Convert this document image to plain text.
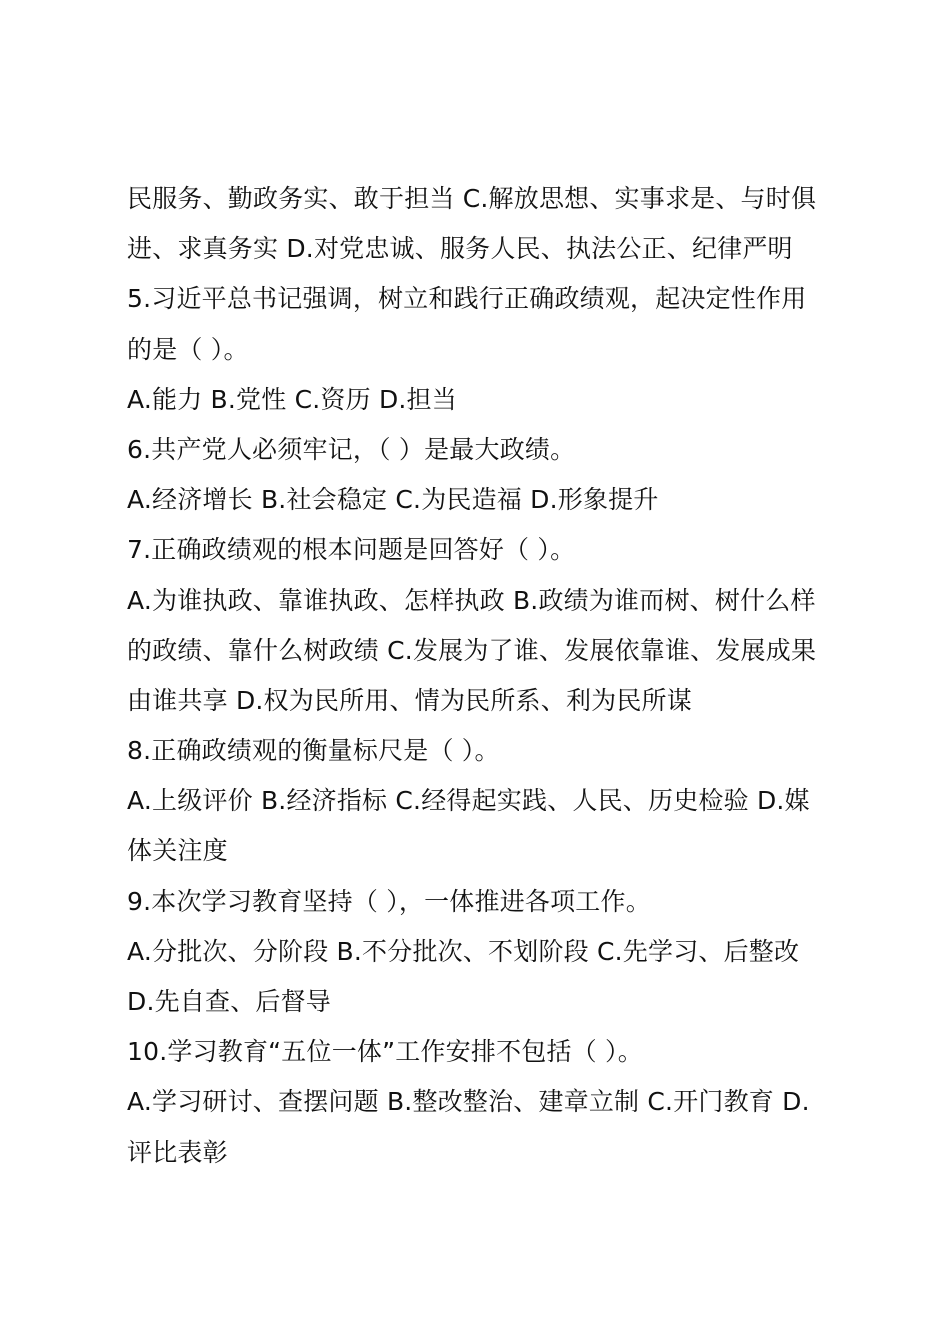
民服务、勤政务实、敢于担当 C.解放思想、实事求是、与时俱
进、求真务实 D.对党忠诚、服务人民、执法公正、纪律严明
5.习近平总书记强调，树立和践行正确政绩观，起决定性作用
的是（ ）。
A.能力 B.党性 C.资历 D.担当
6.共产党人必须牢记，（ ）是最大政绩。
A.经济增长 B.社会稳定 C.为民造福 D.形象提升
7.正确政绩观的根本问题是回答好（ ）。
A.为谁执政、靠谁执政、怎样执政 B.政绩为谁而树、树什么样
的政绩、靠什么树政绩 C.发展为了谁、发展依靠谁、发展成果
由谁共享 D.权为民所用、情为民所系、利为民所谋
8.正确政绩观的衡量标尺是（ ）。
A.上级评价 B.经济指标 C.经得起实践、人民、历史检验 D.媒
体关注度
9.本次学习教育坚持（ ），一体推进各项工作。
A.分批次、分阶段 B.不分批次、不划阶段 C.先学习、后整改
D.先自查、后督导
10.学习教育“五位一体”工作安排不包括（ ）。
A.学习研讨、查摆问题 B.整改整治、建章立制 C.开门教育 D.
评比表彰
